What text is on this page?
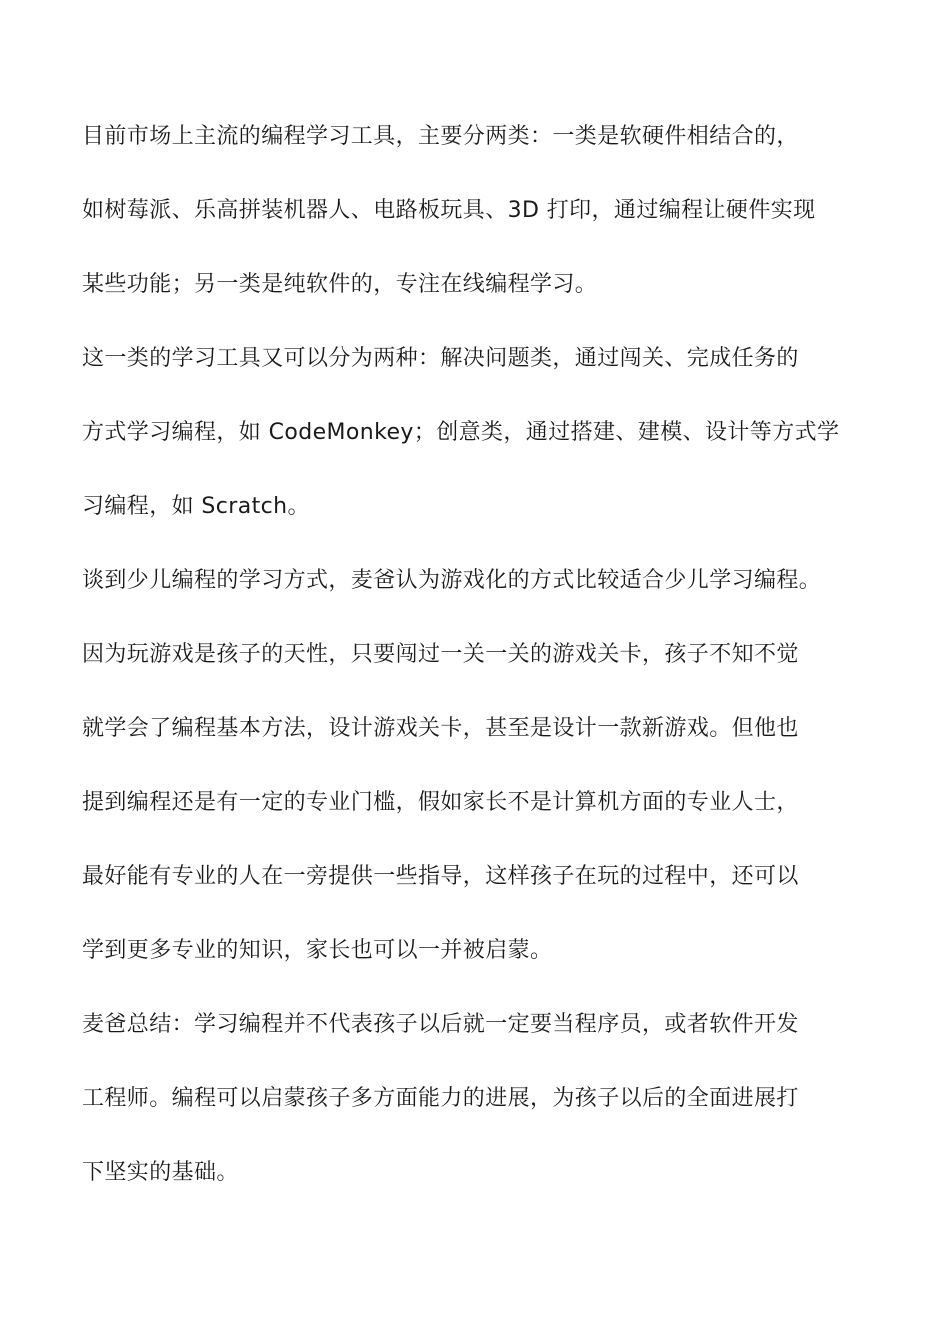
目前市场上主流的编程学习工具，主要分两类：一类是软硬件相结合的，
如树莓派、乐高拼装机器人、电路板玩具、3D 打印，通过编程让硬件实现
某些功能；另一类是纯软件的，专注在线编程学习。
这一类的学习工具又可以分为两种：解决问题类，通过闯关、完成任务的
方式学习编程，如 CodeMonkey；创意类，通过搭建、建模、设计等方式学
习编程，如 Scratch。
谈到少儿编程的学习方式，麦爸认为游戏化的方式比较适合少儿学习编程。
因为玩游戏是孩子的天性，只要闯过一关一关的游戏关卡，孩子不知不觉
就学会了编程基本方法，设计游戏关卡，甚至是设计一款新游戏。但他也
提到编程还是有一定的专业门槛，假如家长不是计算机方面的专业人士，
最好能有专业的人在一旁提供一些指导，这样孩子在玩的过程中，还可以
学到更多专业的知识，家长也可以一并被启蒙。
麦爸总结：学习编程并不代表孩子以后就一定要当程序员，或者软件开发
工程师。编程可以启蒙孩子多方面能力的进展，为孩子以后的全面进展打
下坚实的基础。
